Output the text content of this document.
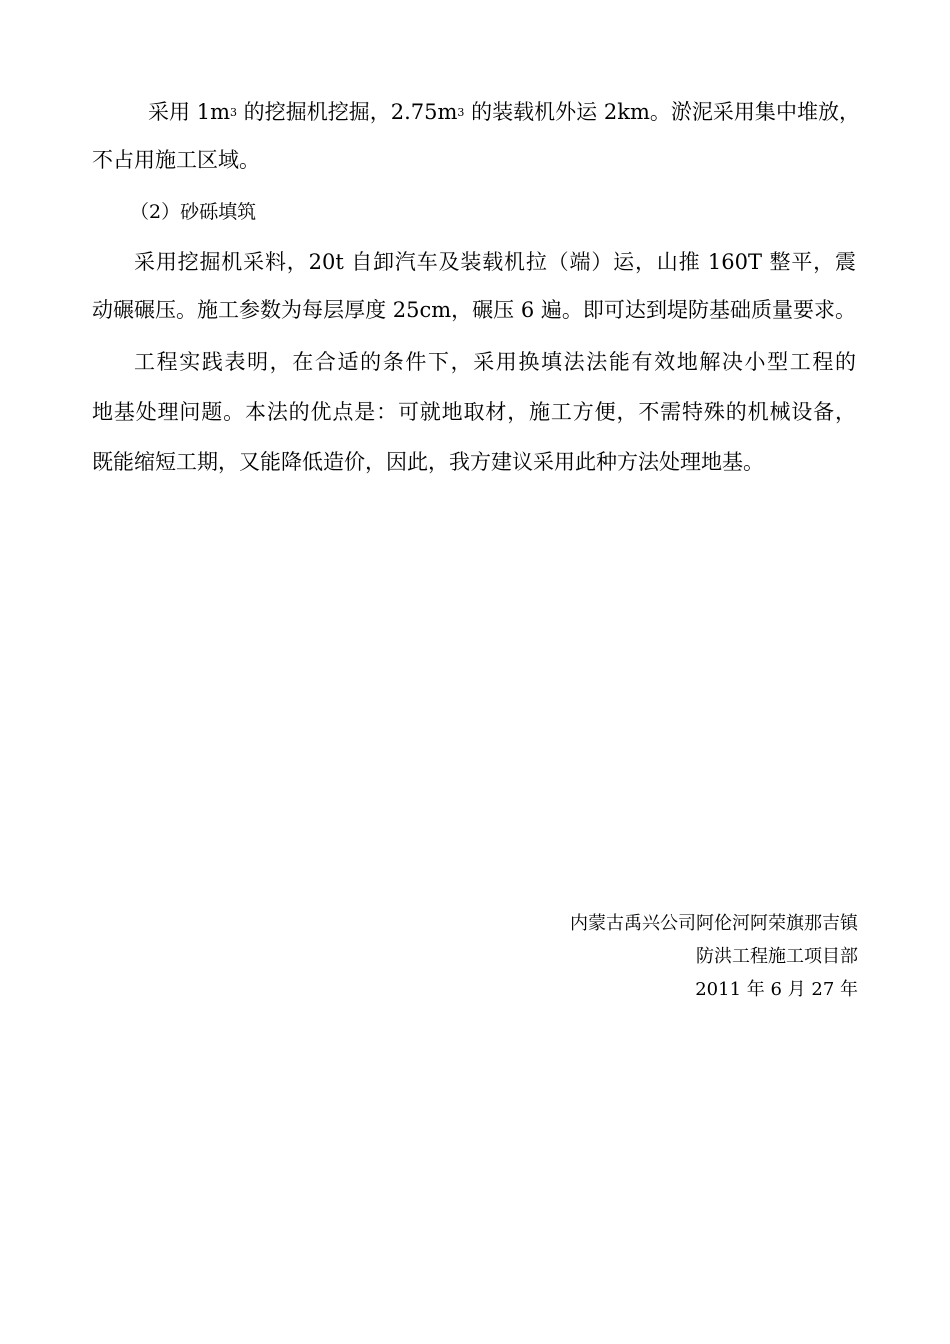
采用 $1m^3$ 的挖掘机挖掘，$2.75m^3$ 的装载机外运 2km。淤泥采用集中堆放，
不占用施工区域。
（2）砂砾填筑
采用挖掘机采料，20t 自卸汽车及装载机拉（端）运，山推 160T 整平，震
动碾碾压。施工参数为每层厚度 25cm，碾压 6 遍。即可达到堤防基础质量要求。
工程实践表明，在合适的条件下，采用换填法法能有效地解决小型工程的
地基处理问题。本法的优点是：可就地取材，施工方便，不需特殊的机械设备，
既能缩短工期，又能降低造价，因此，我方建议采用此种方法处理地基。
内蒙古禹兴公司阿伦河阿荣旗那吉镇
防洪工程施工项目部
2011 年 6 月 27 年
